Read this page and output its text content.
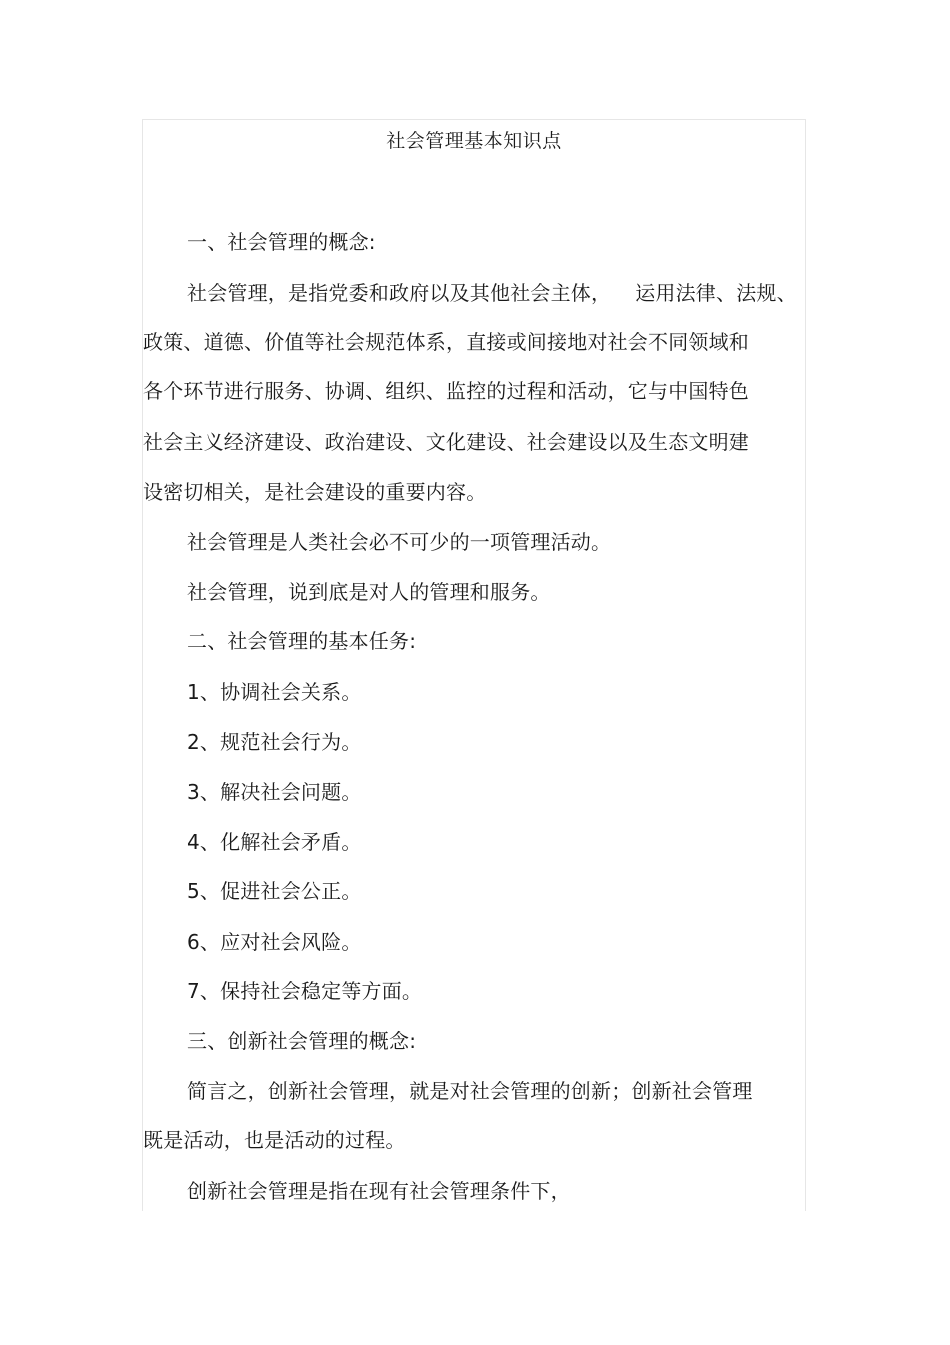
社会管理基本知识点
一、社会管理的概念:
社会管理，是指党委和政府以及其他社会主体， 运用法律、法规、
政策、道德、价值等社会规范体系，直接或间接地对社会不同领域和
各个环节进行服务、协调、组织、监控的过程和活动，它与中国特色
社会主义经济建设、政治建设、文化建设、社会建设以及生态文明建
设密切相关，是社会建设的重要内容。
社会管理是人类社会必不可少的一项管理活动。
社会管理，说到底是对人的管理和服务。
二、社会管理的基本任务:
1、协调社会关系。
2、规范社会行为。
3、解决社会问题。
4、化解社会矛盾。
5、促进社会公正。
6、应对社会风险。
7、保持社会稳定等方面。
三、创新社会管理的概念:
简言之，创新社会管理，就是对社会管理的创新；创新社会管理
既是活动，也是活动的过程。
创新社会管理是指在现有社会管理条件下，
